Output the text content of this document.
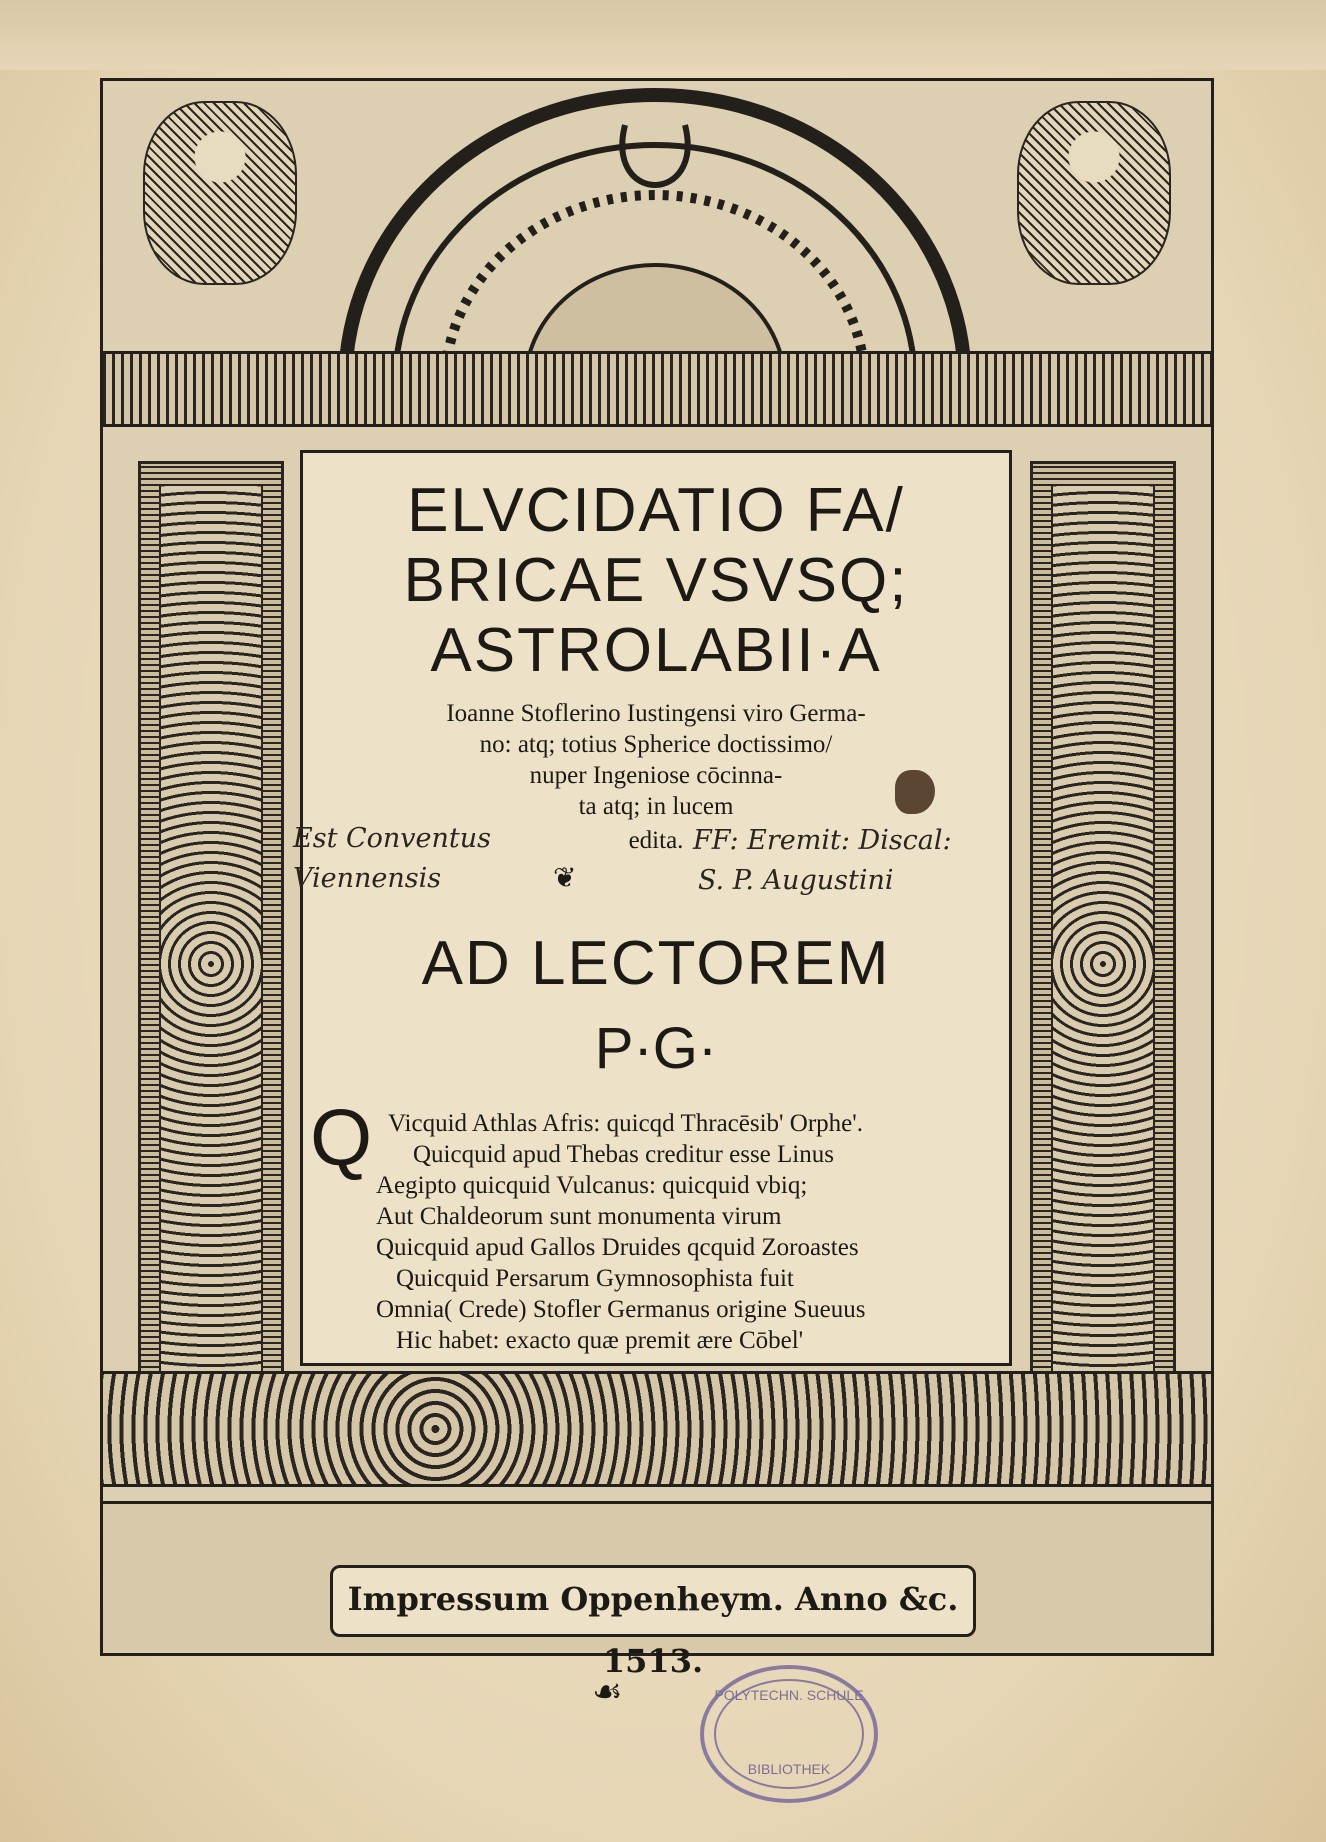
ELVCIDATIO FA/
BRICAE VSVSQ;
ASTROLABII·A
Ioanne Stoflerino Iustingensi viro Germa-
no: atq; totius Spherice doctissimo/
nuper Ingeniose cōcinna-
ta atq; in lucem
edita.
Est Conventus
Viennensis
FF: Eremit: Discal:
S. P. Augustini
❦
AD LECTOREM
P·G·
Q Vicquid Athlas Afris: quicqd Thracēsib' Orphe'.
Quicquid apud Thebas creditur esse Linus
Aegipto quicquid Vulcanus: quicquid vbiq;
Aut Chaldeorum sunt monumenta virum
Quicquid apud Gallos Druides qcquid Zoroastes
Quicquid Persarum Gymnosophista fuit
Omnia( Crede) Stofler Germanus origine Sueuus
Hic habet: exacto quæ premit ære Cōbel'
Impressum Oppenheym. Anno &c. 1513.
☙	POLYTECHN. SCHULE
BIBLIOTHEK
